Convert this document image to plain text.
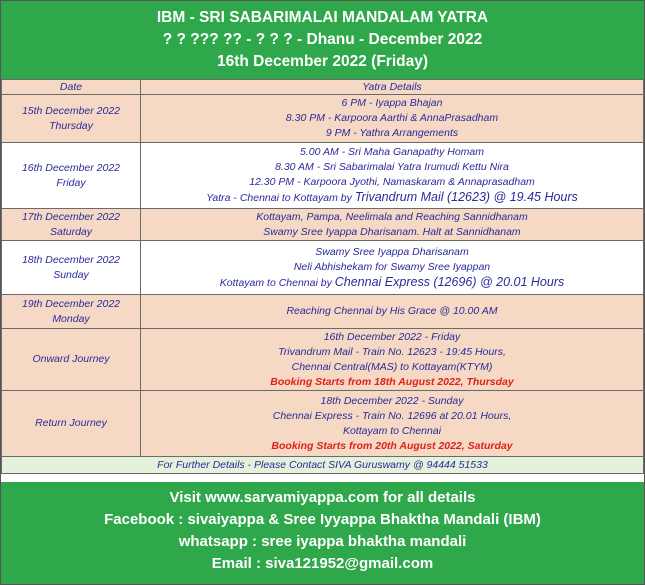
IBM - SRI SABARIMALAI MANDALAM YATRA
? ? ??? ?? - ? ? ? - Dhanu - December 2022
16th December 2022 (Friday)
Date	Yatra Details

15th December 2022
Thursday	6 PM - Iyappa Bhajan
8.30 PM - Karpoora Aarthi & AnnaPrasadham
9 PM - Yathra Arrangements

16th December 2022
Friday	5.00 AM - Sri Maha Ganapathy Homam
8.30 AM - Sri Sabarimalai Yatra Irumudi Kettu Nira
12.30 PM - Karpoora Jyothi, Namaskaram & Annaprasadham
Yatra - Chennai to Kottayam by Trivandrum Mail (12623) @ 19.45 Hours

17th December 2022
Saturday	Kottayam, Pampa, Neelimala and Reaching Sannidhanam
Swamy Sree Iyappa Dharisanam. Halt at Sannidhanam

18th December 2022
Sunday	Swamy Sree Iyappa Dharisanam
Neli Abhishekam for Swamy Sree Iyappan
Kottayam to Chennai by Chennai Express (12696) @ 20.01 Hours

19th December 2022
Monday	Reaching Chennai by His Grace @ 10.00 AM

Onward Journey	16th December 2022 - Friday
Trivandrum Mail - Train No. 12623 - 19:45 Hours,
Chennai Central(MAS) to Kottayam(KTYM)
Booking Starts from 18th August 2022, Thursday

Return Journey	18th December 2022 - Sunday
Chennai Express - Train No. 12696 at 20.01 Hours,
Kottayam to Chennai
Booking Starts from 20th August 2022, Saturday

For Further Details - Please Contact SIVA Guruswamy @ 94444 51533	
Visit www.sarvamiyappa.com for all details
Facebook : sivaiyappa & Sree Iyyappa Bhaktha Mandali (IBM)
whatsapp : sree iyappa bhaktha mandali
Email : siva121952@gmail.com
